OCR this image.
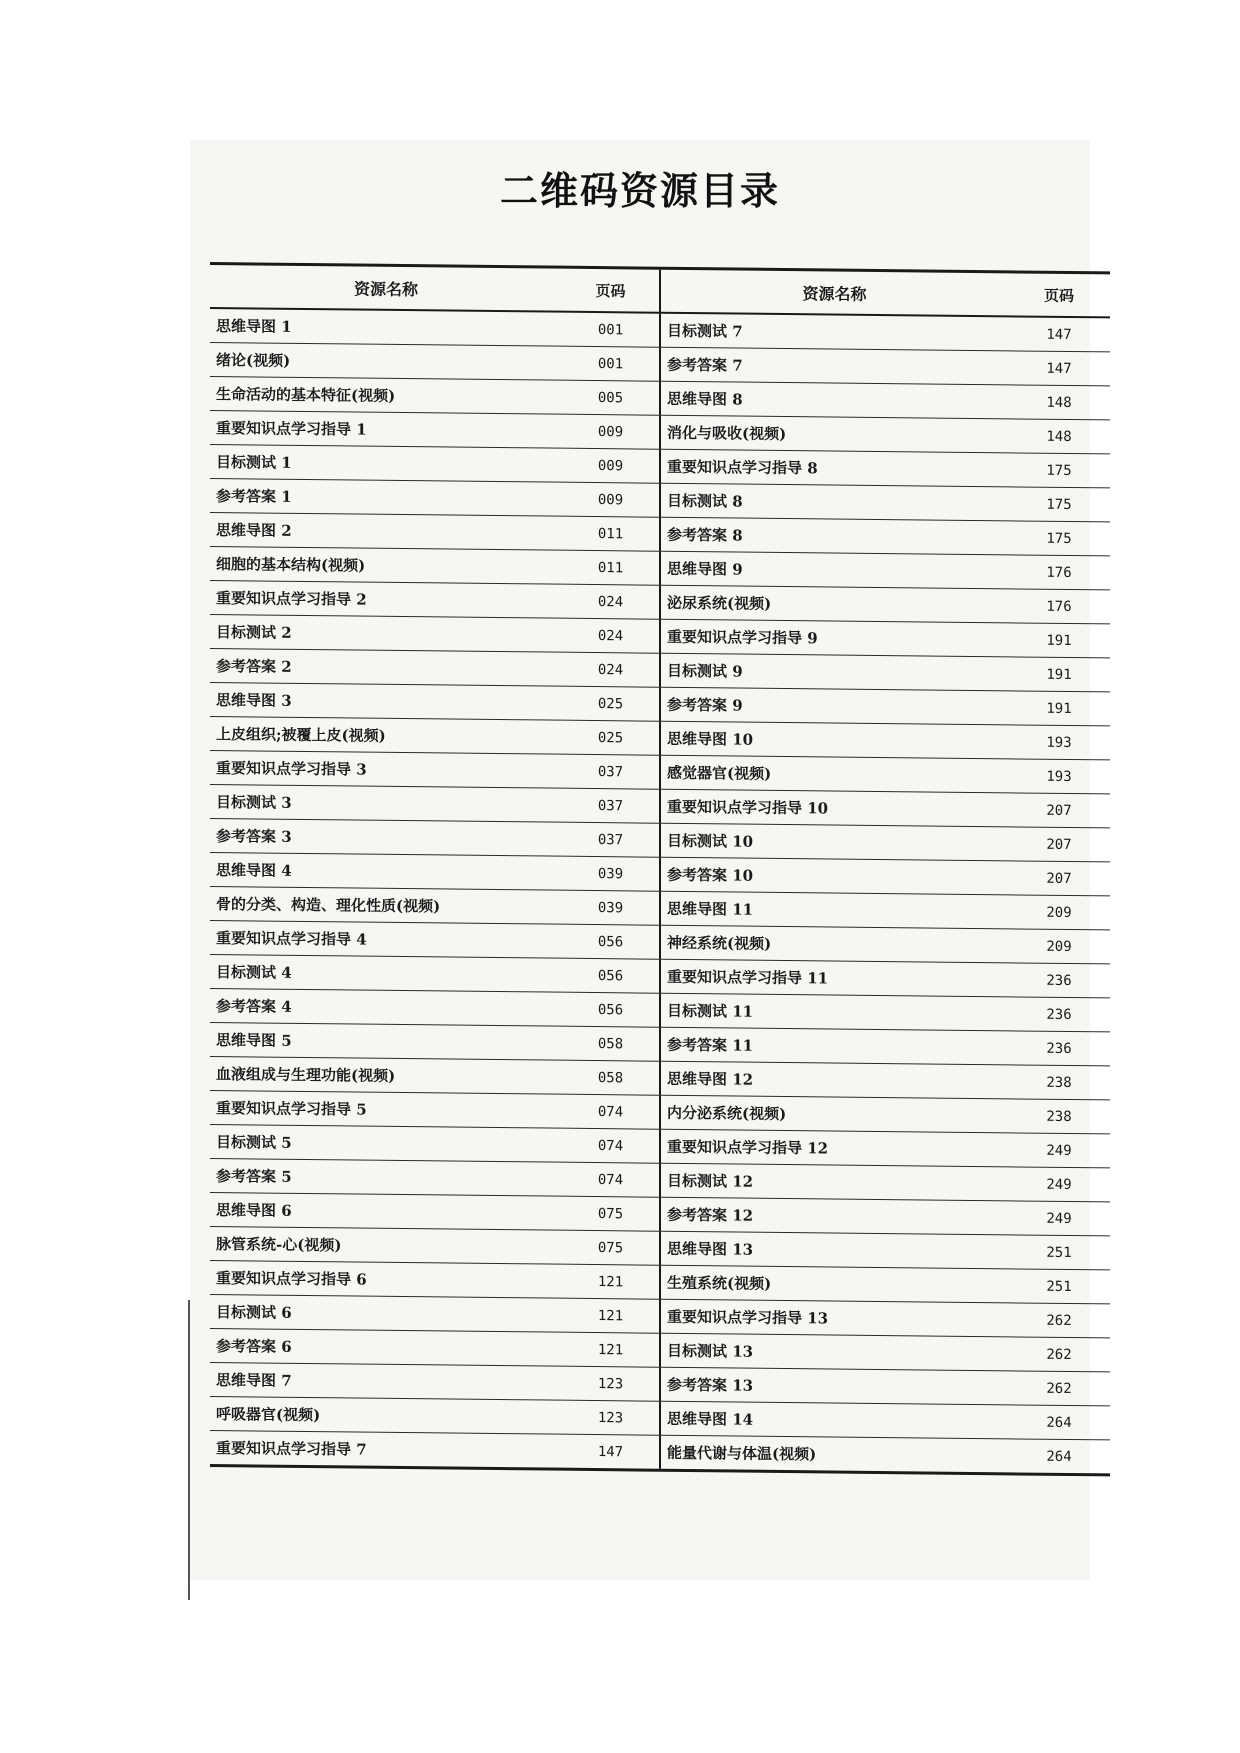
二维码资源目录
资源名称	页码	资源名称	页码
思维导图 1	001	目标测试 7	147
绪论(视频)	001	参考答案 7	147
生命活动的基本特征(视频)	005	思维导图 8	148
重要知识点学习指导 1	009	消化与吸收(视频)	148
目标测试 1	009	重要知识点学习指导 8	175
参考答案 1	009	目标测试 8	175
思维导图 2	011	参考答案 8	175
细胞的基本结构(视频)	011	思维导图 9	176
重要知识点学习指导 2	024	泌尿系统(视频)	176
目标测试 2	024	重要知识点学习指导 9	191
参考答案 2	024	目标测试 9	191
思维导图 3	025	参考答案 9	191
上皮组织;被覆上皮(视频)	025	思维导图 10	193
重要知识点学习指导 3	037	感觉器官(视频)	193
目标测试 3	037	重要知识点学习指导 10	207
参考答案 3	037	目标测试 10	207
思维导图 4	039	参考答案 10	207
骨的分类、构造、理化性质(视频)	039	思维导图 11	209
重要知识点学习指导 4	056	神经系统(视频)	209
目标测试 4	056	重要知识点学习指导 11	236
参考答案 4	056	目标测试 11	236
思维导图 5	058	参考答案 11	236
血液组成与生理功能(视频)	058	思维导图 12	238
重要知识点学习指导 5	074	内分泌系统(视频)	238
目标测试 5	074	重要知识点学习指导 12	249
参考答案 5	074	目标测试 12	249
思维导图 6	075	参考答案 12	249
脉管系统-心(视频)	075	思维导图 13	251
重要知识点学习指导 6	121	生殖系统(视频)	251
目标测试 6	121	重要知识点学习指导 13	262
参考答案 6	121	目标测试 13	262
思维导图 7	123	参考答案 13	262
呼吸器官(视频)	123	思维导图 14	264
重要知识点学习指导 7	147	能量代谢与体温(视频)	264
